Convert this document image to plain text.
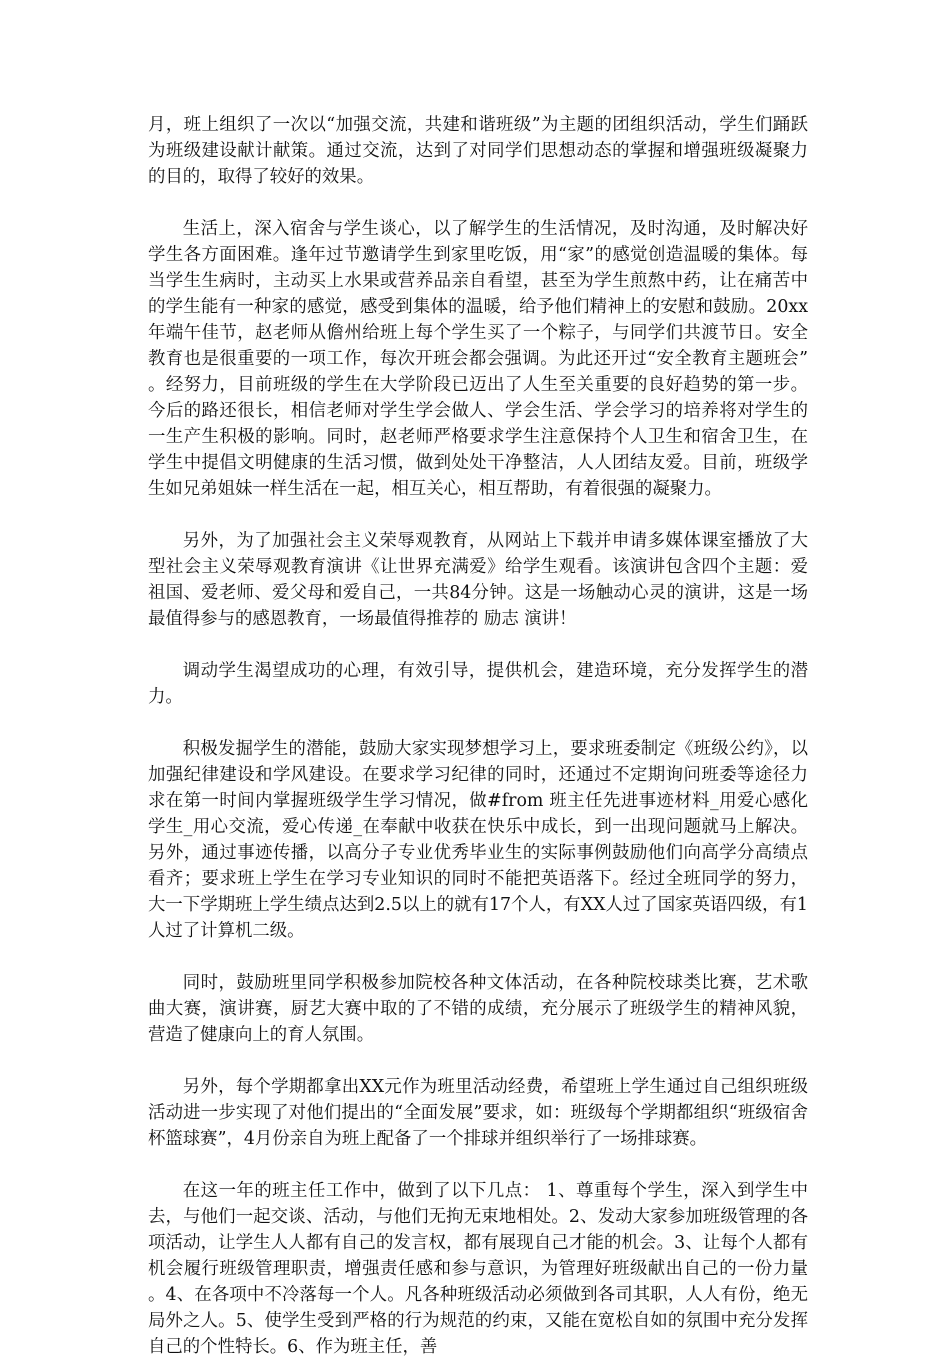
月，班上组织了一次以“加强交流，共建和谐班级”为主题的团组织活动，学生们踊跃为班级建设献计献策。通过交流，达到了对同学们思想动态的掌握和增强班级凝聚力的目的，取得了较好的效果。

生活上，深入宿舍与学生谈心，以了解学生的生活情况，及时沟通，及时解决好学生各方面困难。逢年过节邀请学生到家里吃饭，用“家”的感觉创造温暖的集体。每当学生生病时，主动买上水果或营养品亲自看望，甚至为学生煎熬中药，让在痛苦中的学生能有一种家的感觉，感受到集体的温暖，给予他们精神上的安慰和鼓励。20xx年端午佳节，赵老师从儋州给班上每个学生买了一个粽子，与同学们共渡节日。安全教育也是很重要的一项工作，每次开班会都会强调。为此还开过“安全教育主题班会”。经努力，目前班级的学生在大学阶段已迈出了人生至关重要的良好趋势的第一步。今后的路还很长，相信老师对学生学会做人、学会生活、学会学习的培养将对学生的一生产生积极的影响。同时，赵老师严格要求学生注意保持个人卫生和宿舍卫生，在学生中提倡文明健康的生活习惯，做到处处干净整洁，人人团结友爱。目前，班级学生如兄弟姐妹一样生活在一起，相互关心，相互帮助，有着很强的凝聚力。

另外，为了加强社会主义荣辱观教育，从网站上下载并申请多媒体课室播放了大型社会主义荣辱观教育演讲《让世界充满爱》给学生观看。该演讲包含四个主题：爱祖国、爱老师、爱父母和爱自己，一共84分钟。这是一场触动心灵的演讲，这是一场最值得参与的感恩教育，一场最值得推荐的 励志 演讲！

调动学生渴望成功的心理，有效引导，提供机会，建造环境，充分发挥学生的潜力。

积极发掘学生的潜能，鼓励大家实现梦想学习上，要求班委制定《班级公约》，以加强纪律建设和学风建设。在要求学习纪律的同时，还通过不定期询问班委等途径力求在第一时间内掌握班级学生学习情况，做#from 班主任先进事迹材料_用爱心感化学生_用心交流，爱心传递_在奉献中收获在快乐中成长，到一出现问题就马上解决。另外，通过事迹传播，以高分子专业优秀毕业生的实际事例鼓励他们向高学分高绩点看齐；要求班上学生在学习专业知识的同时不能把英语落下。经过全班同学的努力，大一下学期班上学生绩点达到2.5以上的就有17个人，有XX人过了国家英语四级，有1人过了计算机二级。

同时，鼓励班里同学积极参加院校各种文体活动，在各种院校球类比赛，艺术歌曲大赛，演讲赛，厨艺大赛中取的了不错的成绩，充分展示了班级学生的精神风貌，营造了健康向上的育人氛围。

另外，每个学期都拿出XX元作为班里活动经费，希望班上学生通过自己组织班级活动进一步实现了对他们提出的“全面发展”要求，如：班级每个学期都组织“班级宿舍杯篮球赛”，4月份亲自为班上配备了一个排球并组织举行了一场排球赛。

在这一年的班主任工作中，做到了以下几点： 1、尊重每个学生，深入到学生中去，与他们一起交谈、活动，与他们无拘无束地相处。2、发动大家参加班级管理的各项活动，让学生人人都有自己的发言权，都有展现自己才能的机会。3、让每个人都有机会履行班级管理职责，增强责任感和参与意识，为管理好班级献出自己的一份力量。4、在各项中不冷落每一个人。凡各种班级活动必须做到各司其职，人人有份，绝无局外之人。5、使学生受到严格的行为规范的约束，又能在宽松自如的氛围中充分发挥自己的个性特长。6、作为班主任，善
